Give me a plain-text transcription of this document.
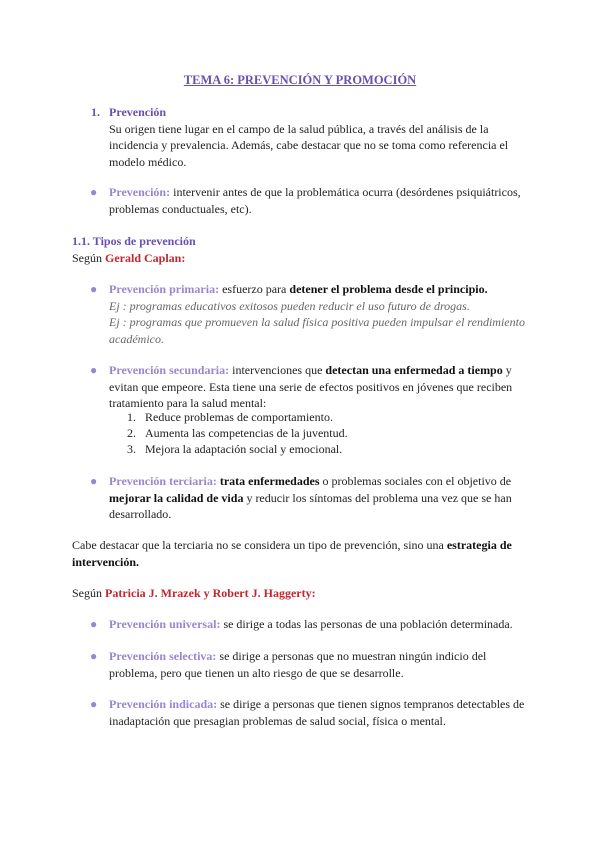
TEMA 6: PREVENCIÓN Y PROMOCIÓN
1. Prevención

Su origen tiene lugar en el campo de la salud pública, a través del análisis de la incidencia y prevalencia. Además, cabe destacar que no se toma como referencia el modelo médico.

● Prevención: intervenir antes de que la problemática ocurra (desórdenes psiquiátricos, problemas conductuales, etc).

1.1. Tipos de prevención

Según Gerald Caplan:

● Prevención primaria: esfuerzo para detener el problema desde el principio.

Ej : programas educativos exitosos pueden reducir el uso futuro de drogas.

Ej : programas que promueven la salud física positiva pueden impulsar el rendimiento académico.

● Prevención secundaria: intervenciones que detectan una enfermedad a tiempo y evitan que empeore. Esta tiene una serie de efectos positivos en jóvenes que reciben tratamiento para la salud mental:

1. Reduce problemas de comportamiento.
2. Aumenta las competencias de la juventud.
3. Mejora la adaptación social y emocional.
● Prevención terciaria: trata enfermedades o problemas sociales con el objetivo de mejorar la calidad de vida y reducir los síntomas del problema una vez que se han desarrollado.

Cabe destacar que la terciaria no se considera un tipo de prevención, sino una estrategia de intervención.

Según Patricia J. Mrazek y Robert J. Haggerty:

● Prevención universal: se dirige a todas las personas de una población determinada.

● Prevención selectiva: se dirige a personas que no muestran ningún indicio del problema, pero que tienen un alto riesgo de que se desarrolle.

● Prevención indicada: se dirige a personas que tienen signos tempranos detectables de inadaptación que presagian problemas de salud social, física o mental.
